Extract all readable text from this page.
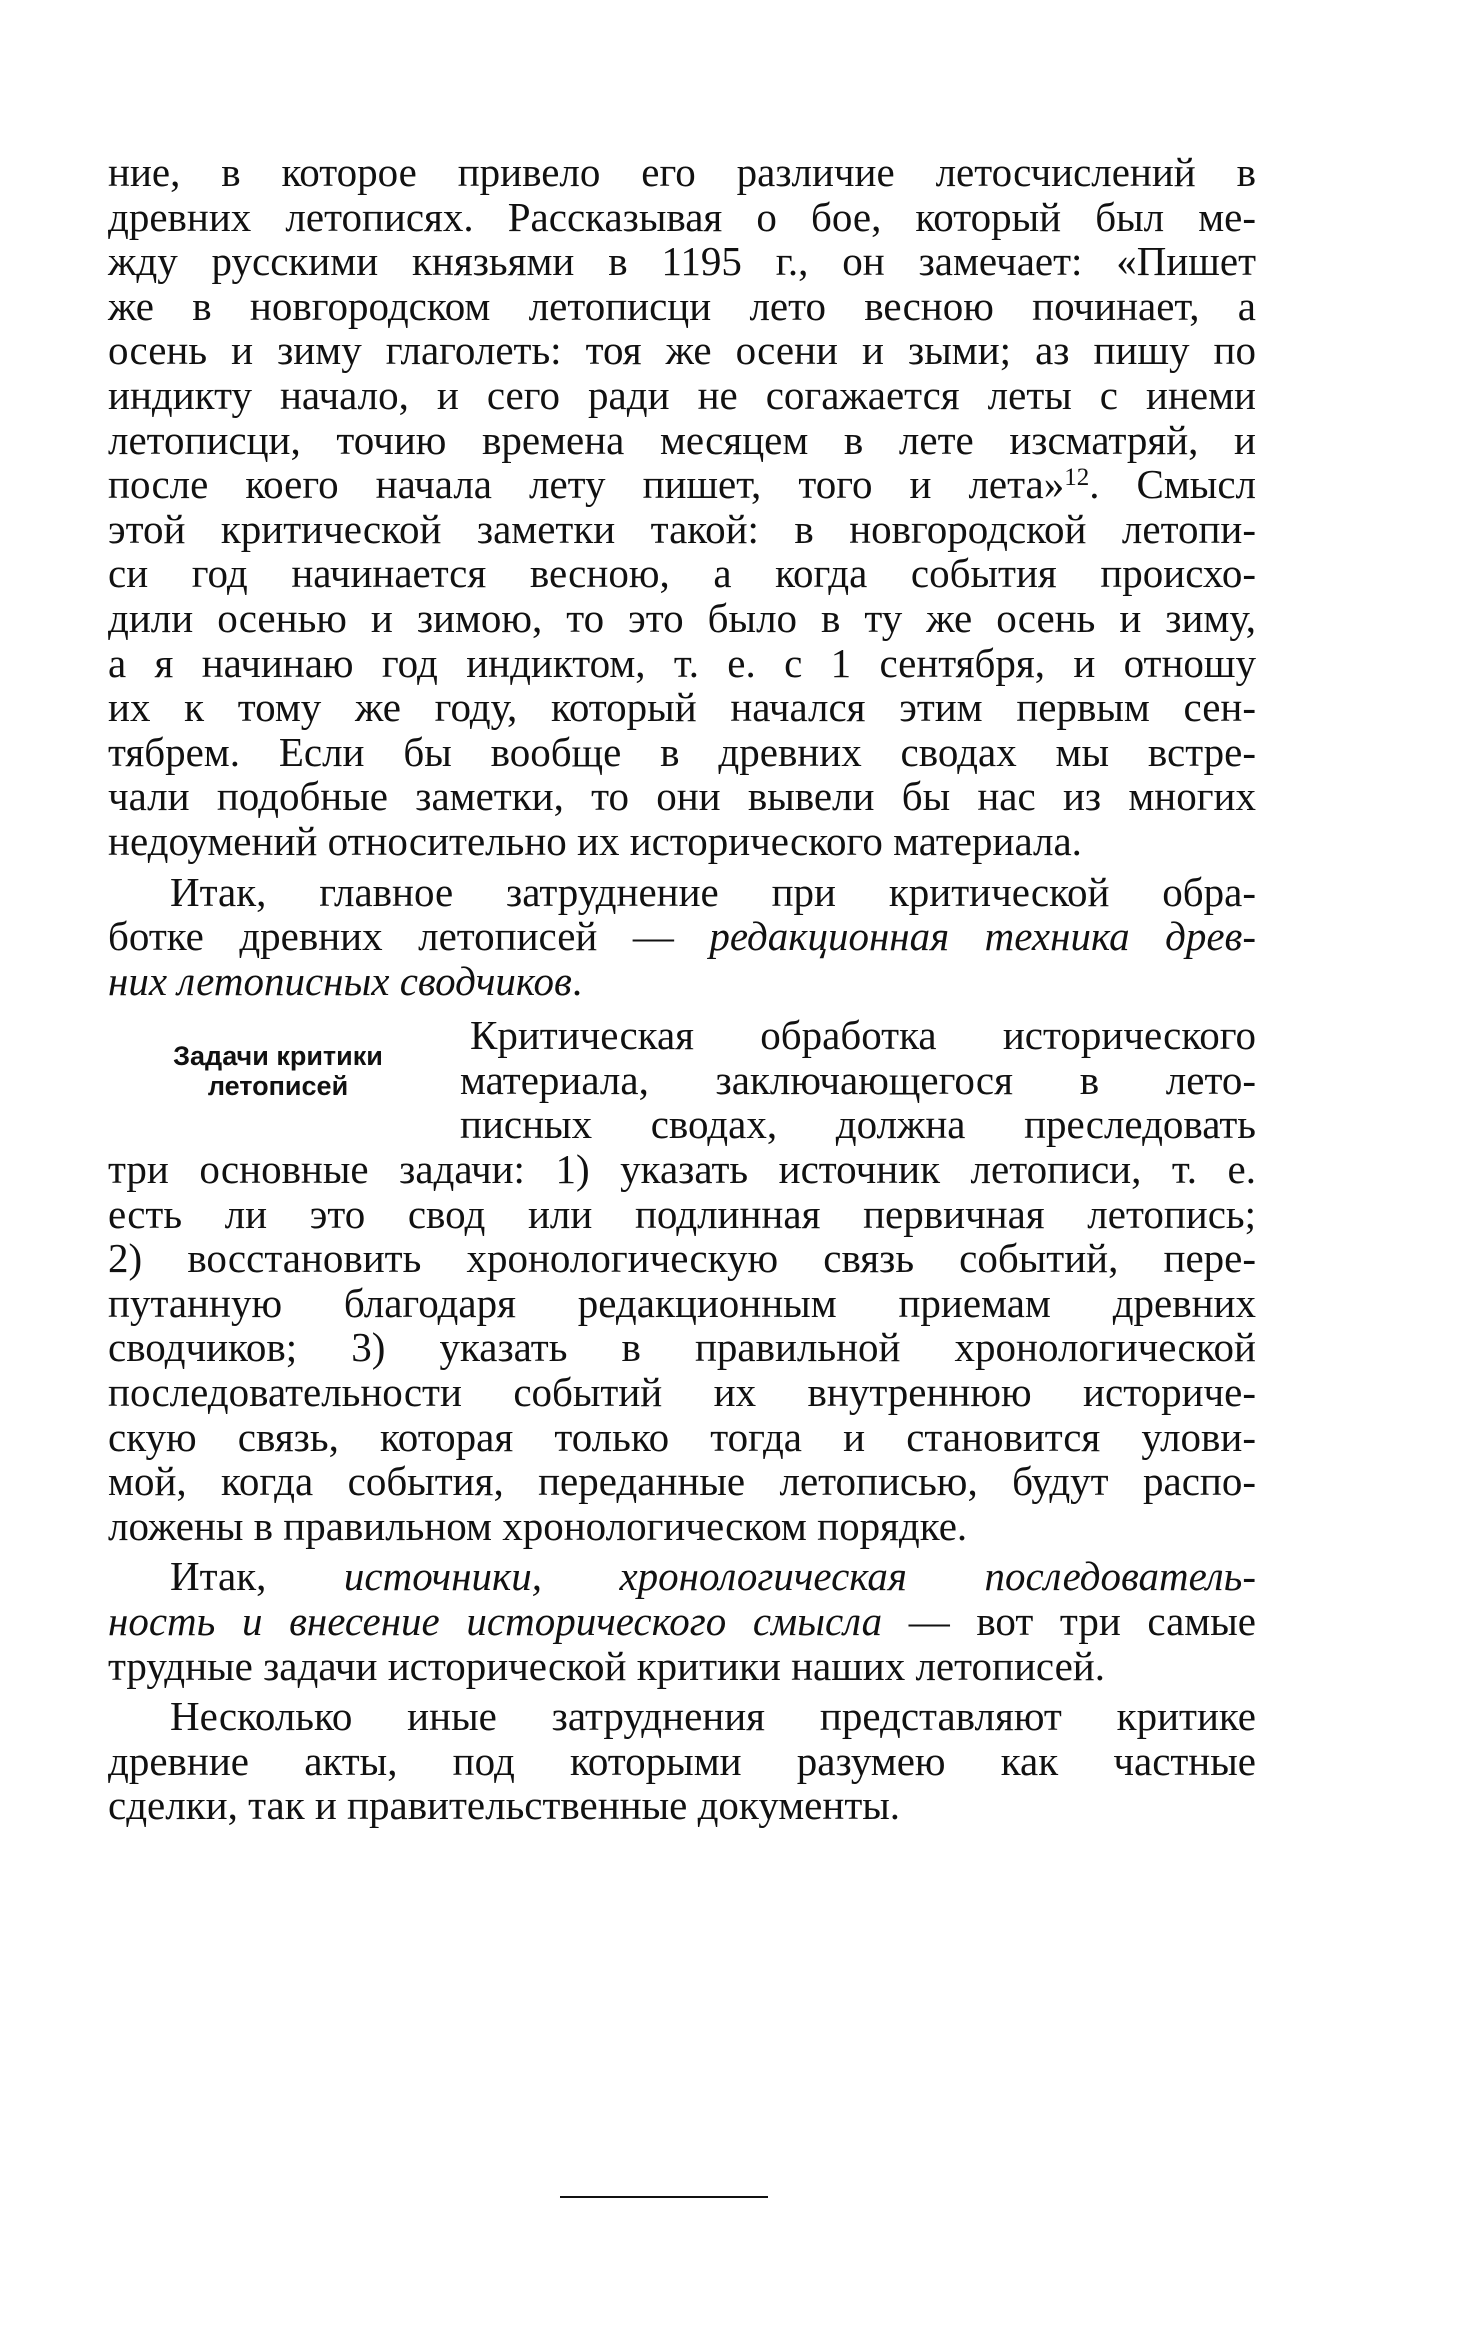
ние, в которое привело его различие летосчислений в
древних летописях. Рассказывая о бое, который был ме-
жду русскими князьями в 1195 г., он замечает: «Пишет
же в новгородском летописци лето весною починает, а
осень и зиму глаголеть: тоя же осени и зыми; аз пишу по
индикту начало, и сего ради не согажается леты с инеми
летописци, точию времена месяцем в лете изсматряй, и
после коего начала лету пишет, того и лета»$^{12}$. Смысл
этой критической заметки такой: в новгородской летопи-
си год начинается весною, а когда события происхо-
дили осенью и зимою, то это было в ту же осень и зиму,
а я начинаю год индиктом, т. е. с 1 сентября, и отношу
их к тому же году, который начался этим первым сен-
тябрем. Если бы вообще в древних сводах мы встре-
чали подобные заметки, то они вывели бы нас из многих
недоумений относительно их исторического материала.

Итак, главное затруднение при критической обра-
ботке древних летописей — редакционная техника древ-
них летописных сводчиков.

Задачи критики
летописей

Критическая обработка исторического
материала, заключающегося в лето-
писных сводах, должна преследовать
три основные задачи: 1) указать источник летописи, т. е.
есть ли это свод или подлинная первичная летопись;
2) восстановить хронологическую связь событий, пере-
путанную благодаря редакционным приемам древних
сводчиков; 3) указать в правильной хронологической
последовательности событий их внутреннюю историче-
скую связь, которая только тогда и становится улови-
мой, когда события, переданные летописью, будут распо-
ложены в правильном хронологическом порядке.

Итак, источники, хронологическая последователь-
ность и внесение исторического смысла — вот три самые
трудные задачи исторической критики наших летописей.

Несколько иные затруднения представляют критике
древние акты, под которыми разумею как частные
сделки, так и правительственные документы.
